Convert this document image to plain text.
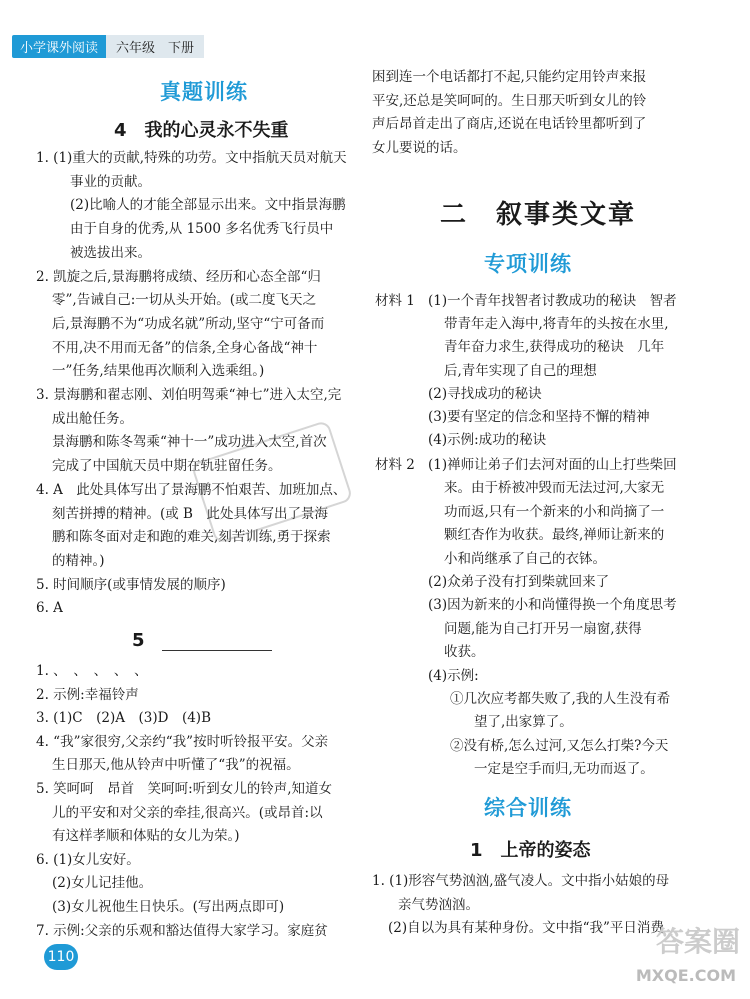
小学课外阅读	六年级　 下册
真题训练
4　我的心灵永不失重
1. (1)重大的贡献,特殊的功劳。文中指航天员对航天
事业的贡献。
(2)比喻人的才能全部显示出来。文中指景海鹏
由于自身的优秀,从 1500 多名优秀飞行员中
被选拔出来。
2. 凯旋之后,景海鹏将成绩、经历和心态全部“归
零”,告诫自己:一切从头开始。(或二度飞天之
后,景海鹏不为“功成名就”所动,坚守“宁可备而
不用,决不用而无备”的信条,全身心备战“神十
一”任务,结果他再次顺利入选乘组。)
3. 景海鹏和翟志刚、刘伯明驾乘“神七”进入太空,完
成出舱任务。
景海鹏和陈冬驾乘“神十一”成功进入太空,首次
完成了中国航天员中期在轨驻留任务。
4. A　此处具体写出了景海鹏不怕艰苦、加班加点、
刻苦拼搏的精神。(或 B　此处具体写出了景海
鹏和陈冬面对走和跑的难关,刻苦训练,勇于探索
的精神。)
5. 时间顺序(或事情发展的顺序)
6. A
5
1. 、　、　、　、　、
2. 示例:幸福铃声
3. (1)C　(2)A　(3)D　(4)B
4. “我”家很穷,父亲约“我”按时听铃报平安。父亲
生日那天,他从铃声中听懂了“我”的祝福。
5. 笑呵呵　昂首　笑呵呵:听到女儿的铃声,知道女
儿的平安和对父亲的牵挂,很高兴。(或昂首:以
有这样孝顺和体贴的女儿为荣。)
6. (1)女儿安好。
(2)女儿记挂他。
(3)女儿祝他生日快乐。(写出两点即可)
7. 示例:父亲的乐观和豁达值得大家学习。家庭贫
困到连一个电话都打不起,只能约定用铃声来报
平安,还总是笑呵呵的。生日那天听到女儿的铃
声后昂首走出了商店,还说在电话铃里都听到了
女儿要说的话。
二　叙事类文章
专项训练
材料 1 (1)一个青年找智者讨教成功的秘诀　智者
带青年走入海中,将青年的头按在水里,
青年奋力求生,获得成功的秘诀　几年
后,青年实现了自己的理想
(2)寻找成功的秘诀
(3)要有坚定的信念和坚持不懈的精神
(4)示例:成功的秘诀
材料 2 (1)禅师让弟子们去河对面的山上打些柴回
来。由于桥被冲毁而无法过河,大家无
功而返,只有一个新来的小和尚摘了一
颗红杏作为收获。最终,禅师让新来的
小和尚继承了自己的衣钵。
(2)众弟子没有打到柴就回来了
(3)因为新来的小和尚懂得换一个角度思考
问题,能为自己打开另一扇窗,获得
收获。
(4)示例:
①几次应考都失败了,我的人生没有希
望了,出家算了。
②没有桥,怎么过河,又怎么打柴?今天
一定是空手而归,无功而返了。
综合训练
1　上帝的姿态
1. (1)形容气势汹汹,盛气凌人。文中指小姑娘的母
亲气势汹汹。
(2)自以为具有某种身份。文中指“我”平日消费
110	答案圈
MXQE.COM
